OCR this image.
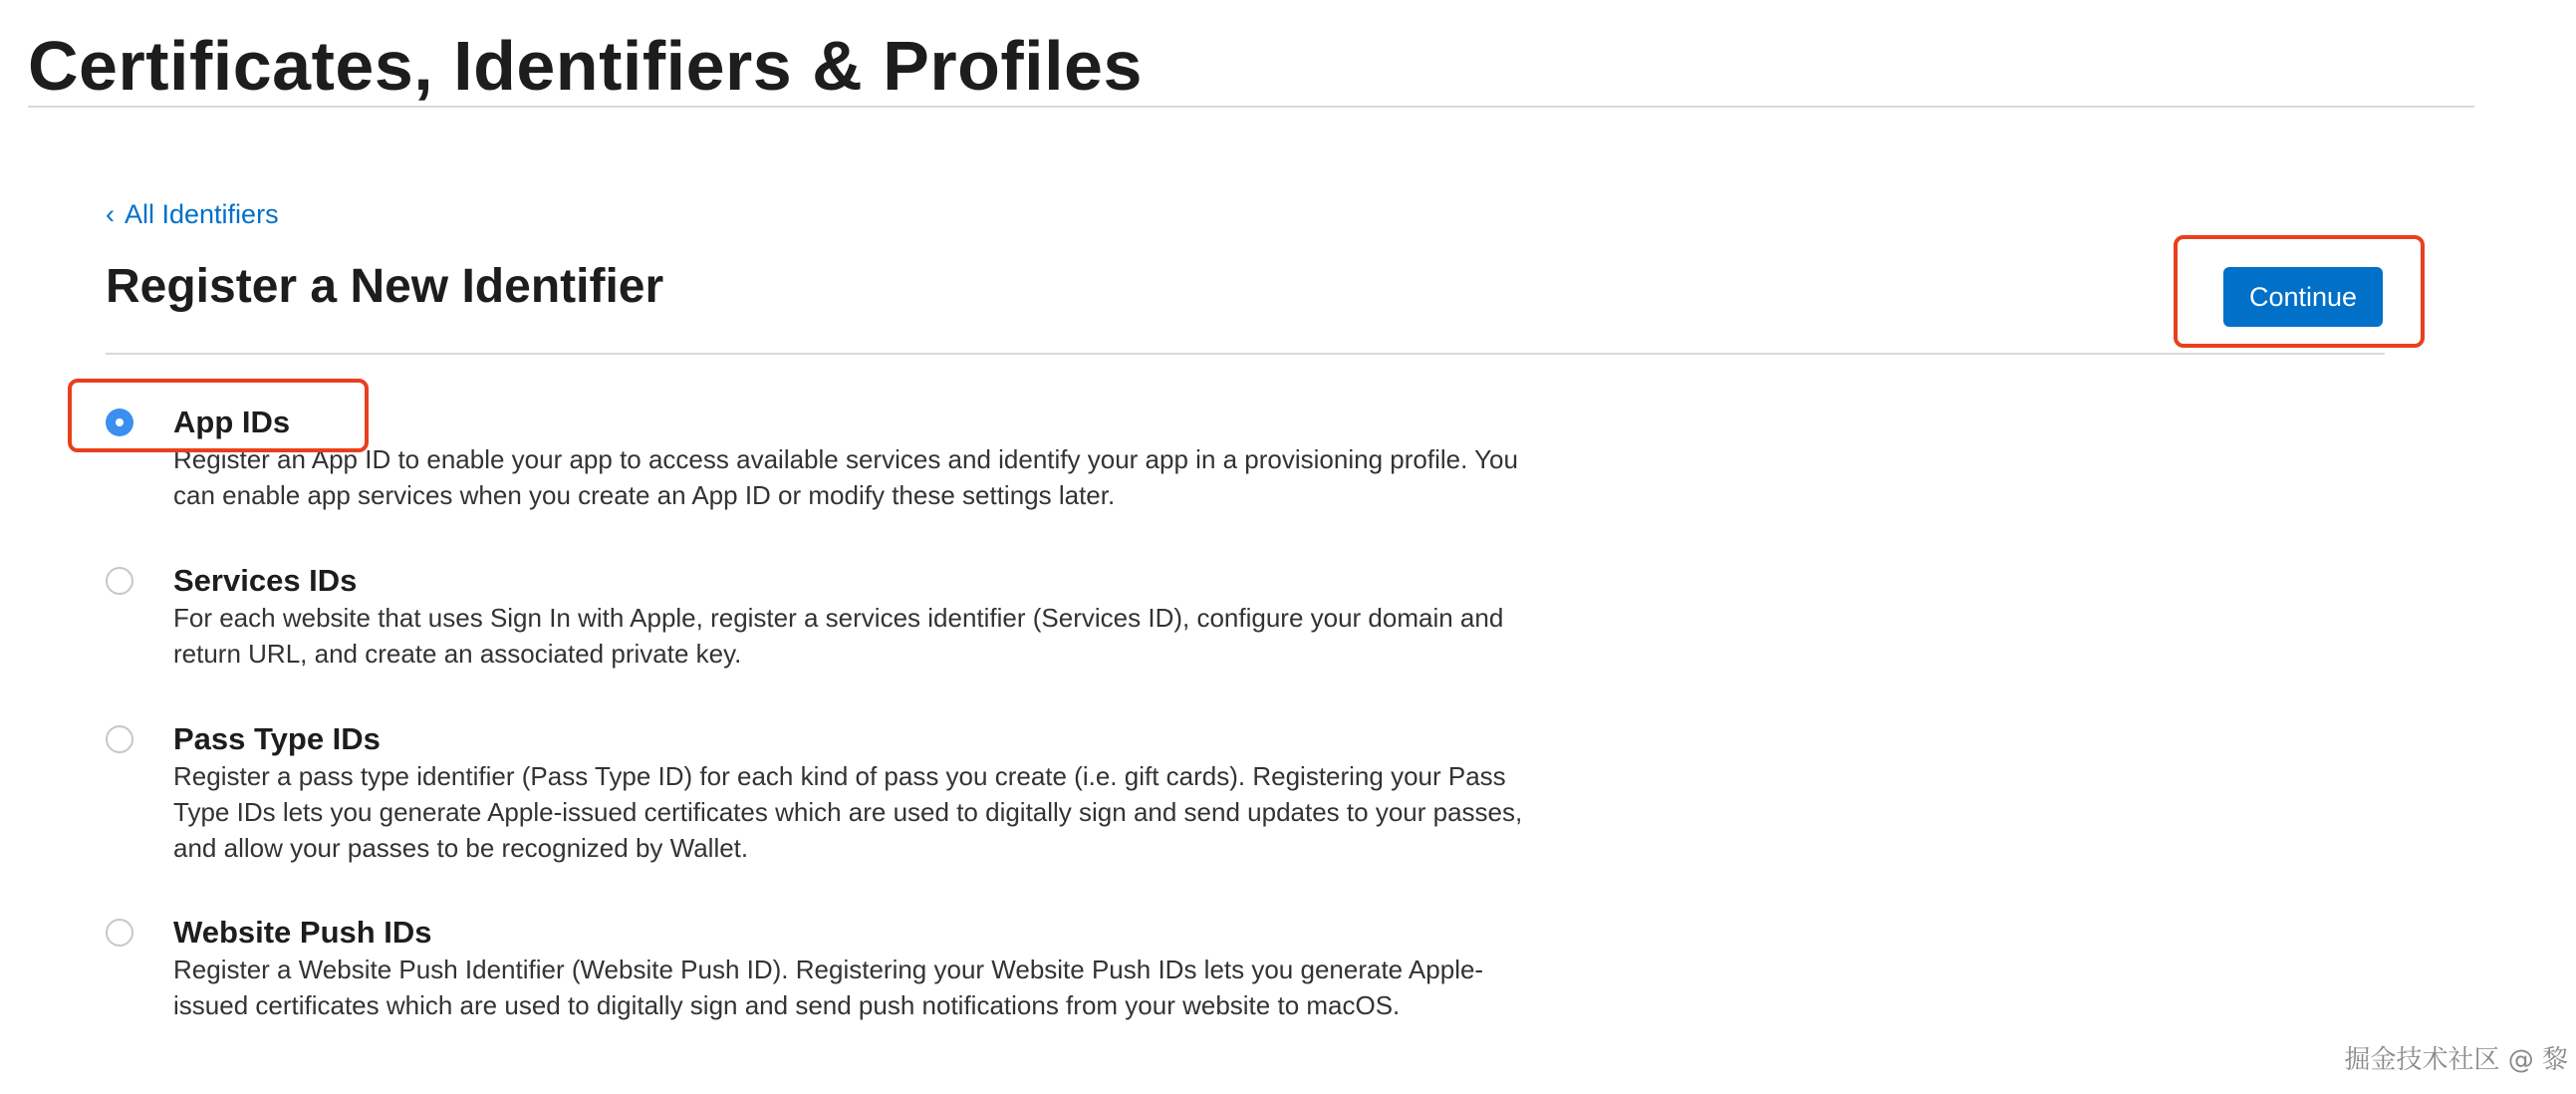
Certificates, Identifiers & Profiles
‹ All Identifiers
Register a New Identifier	Continue
App IDs
Register an App ID to enable your app to access available services and identify your app in a provisioning profile. You can enable app services when you create an App ID or modify these settings later.
Services IDs
For each website that uses Sign In with Apple, register a services identifier (Services ID), configure your domain and return URL, and create an associated private key.
Pass Type IDs
Register a pass type identifier (Pass Type ID) for each kind of pass you create (i.e. gift cards). Registering your Pass Type IDs lets you generate Apple-issued certificates which are used to digitally sign and send updates to your passes, and allow your passes to be recognized by Wallet.
Website Push IDs
Register a Website Push Identifier (Website Push ID). Registering your Website Push IDs lets you generate Apple-issued certificates which are used to digitally sign and send push notifications from your website to macOS.
掘金技术社区 @ 黎
